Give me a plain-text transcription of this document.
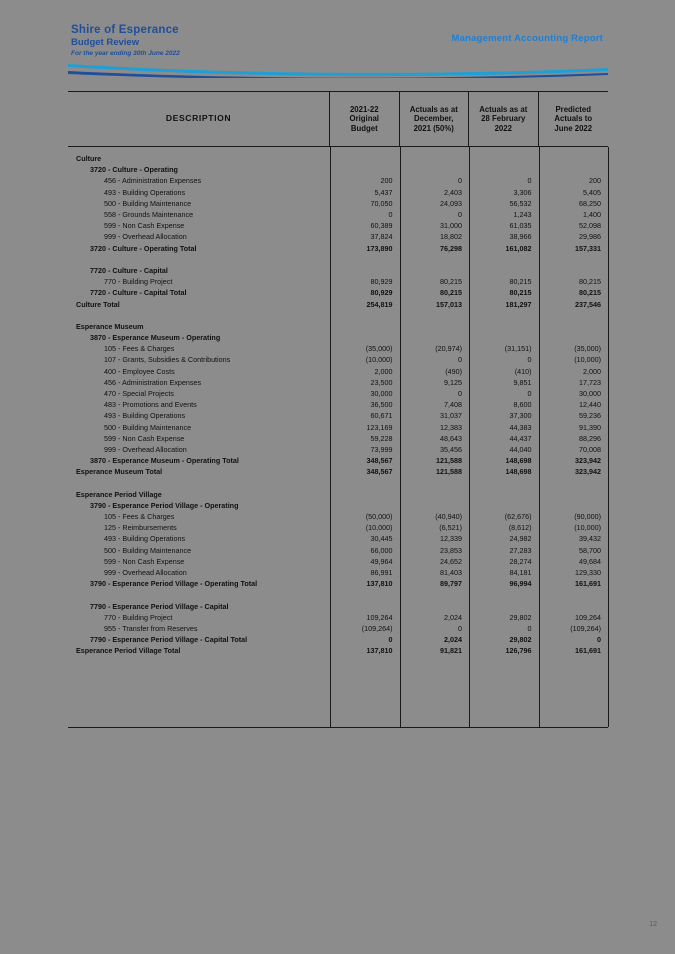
Shire of Esperance
Budget Review
For the year ending 30th June 2022
Management Accounting Report
DESCRIPTION
2021-22
Original
Budget
Actuals as at
December,
2021 (50%)
Actuals as at
28 February
2022
Predicted
Actuals to
June 2022
Culture
3720 - Culture - Operating
456 - Administration Expenses	200	0	0	200
493 - Building Operations	5,437	2,403	3,306	5,405
500 - Building Maintenance	70,050	24,093	56,532	68,250
558 - Grounds Maintenance	0	0	1,243	1,400
599 - Non Cash Expense	60,389	31,000	61,035	52,098
999 - Overhead Allocation	37,824	18,802	38,966	29,986
3720 - Culture - Operating Total	173,890	76,298	161,082	157,331
7720 - Culture - Capital
770 - Building Project	80,929	80,215	80,215	80,215
7720 - Culture - Capital Total	80,929	80,215	80,215	80,215
Culture Total	254,819	157,013	181,297	237,546
Esperance Museum
3870 - Esperance Museum - Operating
105 - Fees & Charges	(35,000)	(20,974)	(31,151)	(35,000)
107 - Grants, Subsidies & Contributions	(10,000)	0	0	(10,000)
400 - Employee Costs	2,000	(490)	(410)	2,000
456 - Administration Expenses	23,500	9,125	9,851	17,723
470 - Special Projects	30,000	0	0	30,000
483 - Promotions and Events	36,500	7,408	8,600	12,440
493 - Building Operations	60,671	31,037	37,300	59,236
500 - Building Maintenance	123,169	12,383	44,383	91,390
599 - Non Cash Expense	59,228	48,643	44,437	88,296
999 - Overhead Allocation	73,999	35,456	44,040	70,008
3870 - Esperance Museum - Operating Total	348,567	121,588	148,698	323,942
Esperance Museum Total	348,567	121,588	148,698	323,942
Esperance Period Village
3790 - Esperance Period Village - Operating
105 - Fees & Charges	(50,000)	(40,940)	(62,676)	(90,000)
125 - Reimbursements	(10,000)	(6,521)	(8,612)	(10,000)
493 - Building Operations	30,445	12,339	24,982	39,432
500 - Building Maintenance	66,000	23,853	27,283	58,700
599 - Non Cash Expense	49,964	24,652	28,274	49,684
999 - Overhead Allocation	86,991	81,403	84,181	129,330
3790 - Esperance Period Village - Operating Total	137,810	89,797	96,994	161,691
7790 - Esperance Period Village - Capital
770 - Building Project	109,264	2,024	29,802	109,264
955 - Transfer from Reserves	(109,264)	0	0	(109,264)
7790 - Esperance Period Village - Capital Total	0	2,024	29,802	0
Esperance Period Village Total	137,810	91,821	126,796	161,691
12
